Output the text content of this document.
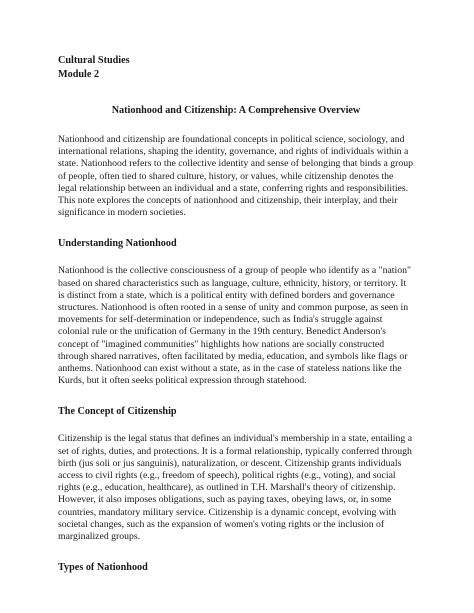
Cultural Studies

Module 2

Nationhood and Citizenship: A Comprehensive Overview

Nationhood and citizenship are foundational concepts in political science, sociology, and international relations, shaping the identity, governance, and rights of individuals within a state. Nationhood refers to the collective identity and sense of belonging that binds a group of people, often tied to shared culture, history, or values, while citizenship denotes the legal relationship between an individual and a state, conferring rights and responsibilities. This note explores the concepts of nationhood and citizenship, their interplay, and their significance in modern societies.

Understanding Nationhood

Nationhood is the collective consciousness of a group of people who identify as a "nation" based on shared characteristics such as language, culture, ethnicity, history, or territory. It is distinct from a state, which is a political entity with defined borders and governance structures. Nationhood is often rooted in a sense of unity and common purpose, as seen in movements for self-determination or independence, such as India's struggle against colonial rule or the unification of Germany in the 19th century. Benedict Anderson's concept of "imagined communities" highlights how nations are socially constructed through shared narratives, often facilitated by media, education, and symbols like flags or anthems. Nationhood can exist without a state, as in the case of stateless nations like the Kurds, but it often seeks political expression through statehood.

The Concept of Citizenship

Citizenship is the legal status that defines an individual's membership in a state, entailing a set of rights, duties, and protections. It is a formal relationship, typically conferred through birth (jus soli or jus sanguinis), naturalization, or descent. Citizenship grants individuals access to civil rights (e.g., freedom of speech), political rights (e.g., voting), and social rights (e.g., education, healthcare), as outlined in T.H. Marshall's theory of citizenship. However, it also imposes obligations, such as paying taxes, obeying laws, or, in some countries, mandatory military service. Citizenship is a dynamic concept, evolving with societal changes, such as the expansion of women's voting rights or the inclusion of marginalized groups.

Types of Nationhood
